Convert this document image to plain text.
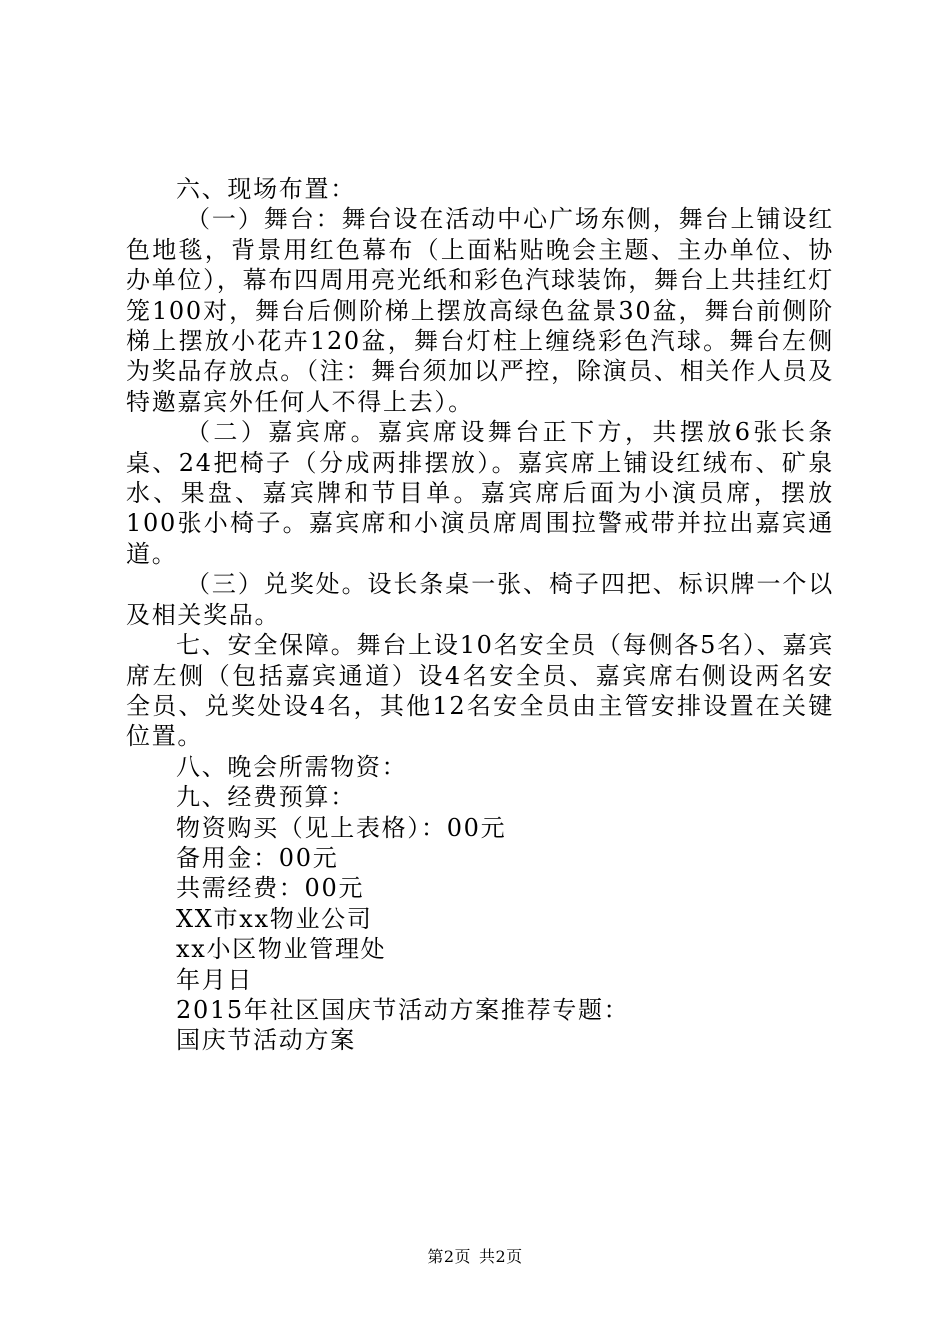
六、现场布置：

（一）舞台：舞台设在活动中心广场东侧，舞台上铺设红色地毯，背景用红色幕布（上面粘贴晚会主题、主办单位、协办单位），幕布四周用亮光纸和彩色汽球装饰，舞台上共挂红灯笼100对，舞台后侧阶梯上摆放高绿色盆景30盆，舞台前侧阶梯上摆放小花卉120盆，舞台灯柱上缠绕彩色汽球。舞台左侧为奖品存放点。（注：舞台须加以严控，除演员、相关作人员及特邀嘉宾外任何人不得上去）。

（二）嘉宾席。嘉宾席设舞台正下方，共摆放6张长条桌、24把椅子（分成两排摆放）。嘉宾席上铺设红绒布、矿泉水、果盘、嘉宾牌和节目单。嘉宾席后面为小演员席，摆放100张小椅子。嘉宾席和小演员席周围拉警戒带并拉出嘉宾通道。

（三）兑奖处。设长条桌一张、椅子四把、标识牌一个以及相关奖品。

七、安全保障。舞台上设10名安全员（每侧各5名）、嘉宾席左侧（包括嘉宾通道）设4名安全员、嘉宾席右侧设两名安全员、兑奖处设4名，其他12名安全员由主管安排设置在关键位置。

八、晚会所需物资：

九、经费预算：

物资购买（见上表格）：00元

备用金：00元

共需经费：00元

XX市xx物业公司

xx小区物业管理处

年月日

2015年社区国庆节活动方案推荐专题：

国庆节活动方案

第2页 共2页
